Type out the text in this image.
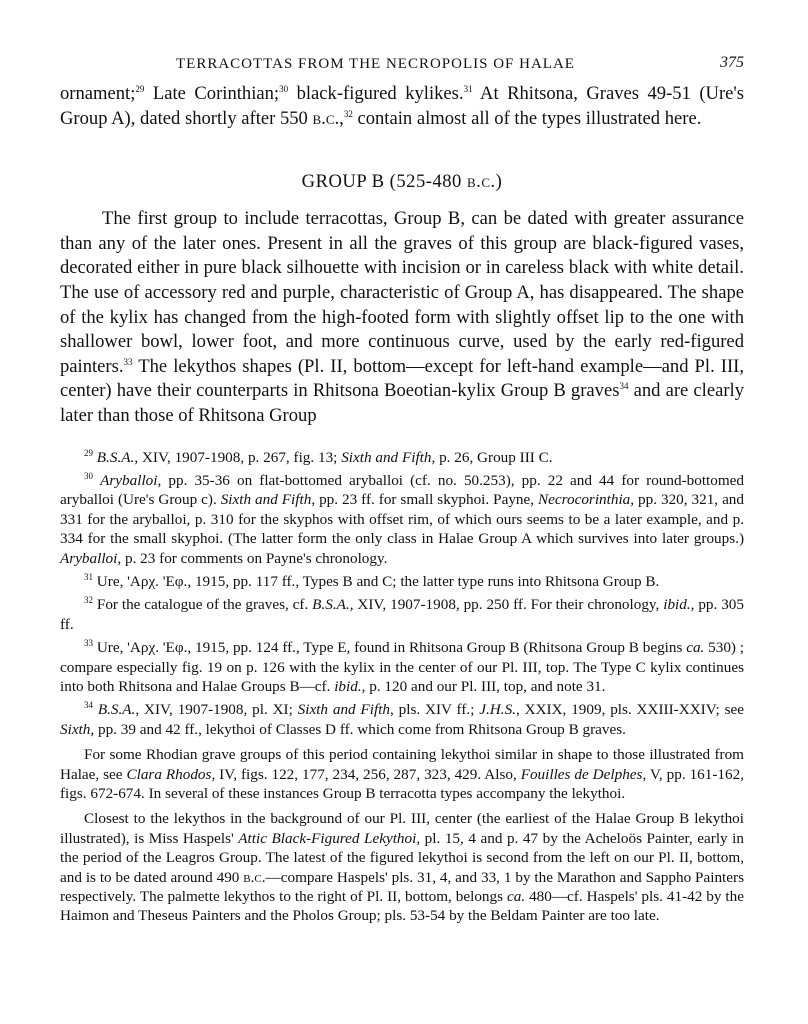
TERRACOTTAS FROM THE NECROPOLIS OF HALAE	375

ornament;$^{29}$ Late Corinthian;$^{30}$ black-figured kylikes.$^{31}$ At Rhitsona, Graves 49-51 (Ure's Group A), dated shortly after 550 b.c.,$^{32}$ contain almost all of the types illustrated here.

GROUP B (525-480 b.c.)

The first group to include terracottas, Group B, can be dated with greater assurance than any of the later ones. Present in all the graves of this group are black-figured vases, decorated either in pure black silhouette with incision or in careless black with white detail. The use of accessory red and purple, characteristic of Group A, has disappeared. The shape of the kylix has changed from the high-footed form with slightly offset lip to the one with shallower bowl, lower foot, and more continuous curve, used by the early red-figured painters.$^{33}$ The lekythos shapes (Pl. II, bottom—except for left-hand example—and Pl. III, center) have their counterparts in Rhitsona Boeotian-kylix Group B graves$^{34}$ and are clearly later than those of Rhitsona Group

$^{29}$ B.S.A., XIV, 1907-1908, p. 267, fig. 13; Sixth and Fifth, p. 26, Group III C.

$^{30}$ Aryballoi, pp. 35-36 on flat-bottomed aryballoi (cf. no. 50.253), pp. 22 and 44 for round-bottomed aryballoi (Ure's Group c). Sixth and Fifth, pp. 23 ff. for small skyphoi. Payne, Necrocorinthia, pp. 320, 321, and 331 for the aryballoi, p. 310 for the skyphos with offset rim, of which ours seems to be a later example, and p. 334 for the small skyphoi. (The latter form the only class in Halae Group A which survives into later groups.) Aryballoi, p. 23 for comments on Payne's chronology.

$^{31}$ Ure, 'Αρχ. 'Εφ., 1915, pp. 117 ff., Types B and C; the latter type runs into Rhitsona Group B.

$^{32}$ For the catalogue of the graves, cf. B.S.A., XIV, 1907-1908, pp. 250 ff. For their chronology, ibid., pp. 305 ff.

$^{33}$ Ure, 'Αρχ. 'Εφ., 1915, pp. 124 ff., Type E, found in Rhitsona Group B (Rhitsona Group B begins ca. 530) ; compare especially fig. 19 on p. 126 with the kylix in the center of our Pl. III, top. The Type C kylix continues into both Rhitsona and Halae Groups B—cf. ibid., p. 120 and our Pl. III, top, and note 31.

$^{34}$ B.S.A., XIV, 1907-1908, pl. XI; Sixth and Fifth, pls. XIV ff.; J.H.S., XXIX, 1909, pls. XXIII-XXIV; see Sixth, pp. 39 and 42 ff., lekythoi of Classes D ff. which come from Rhitsona Group B graves.

For some Rhodian grave groups of this period containing lekythoi similar in shape to those illustrated from Halae, see Clara Rhodos, IV, figs. 122, 177, 234, 256, 287, 323, 429. Also, Fouilles de Delphes, V, pp. 161-162, figs. 672-674. In several of these instances Group B terracotta types accompany the lekythoi.

Closest to the lekythos in the background of our Pl. III, center (the earliest of the Halae Group B lekythoi illustrated), is Miss Haspels' Attic Black-Figured Lekythoi, pl. 15, 4 and p. 47 by the Acheloös Painter, early in the period of the Leagros Group. The latest of the figured lekythoi is second from the left on our Pl. II, bottom, and is to be dated around 490 b.c.—compare Haspels' pls. 31, 4, and 33, 1 by the Marathon and Sappho Painters respectively. The palmette lekythos to the right of Pl. II, bottom, belongs ca. 480—cf. Haspels' pls. 41-42 by the Haimon and Theseus Painters and the Pholos Group; pls. 53-54 by the Beldam Painter are too late.
